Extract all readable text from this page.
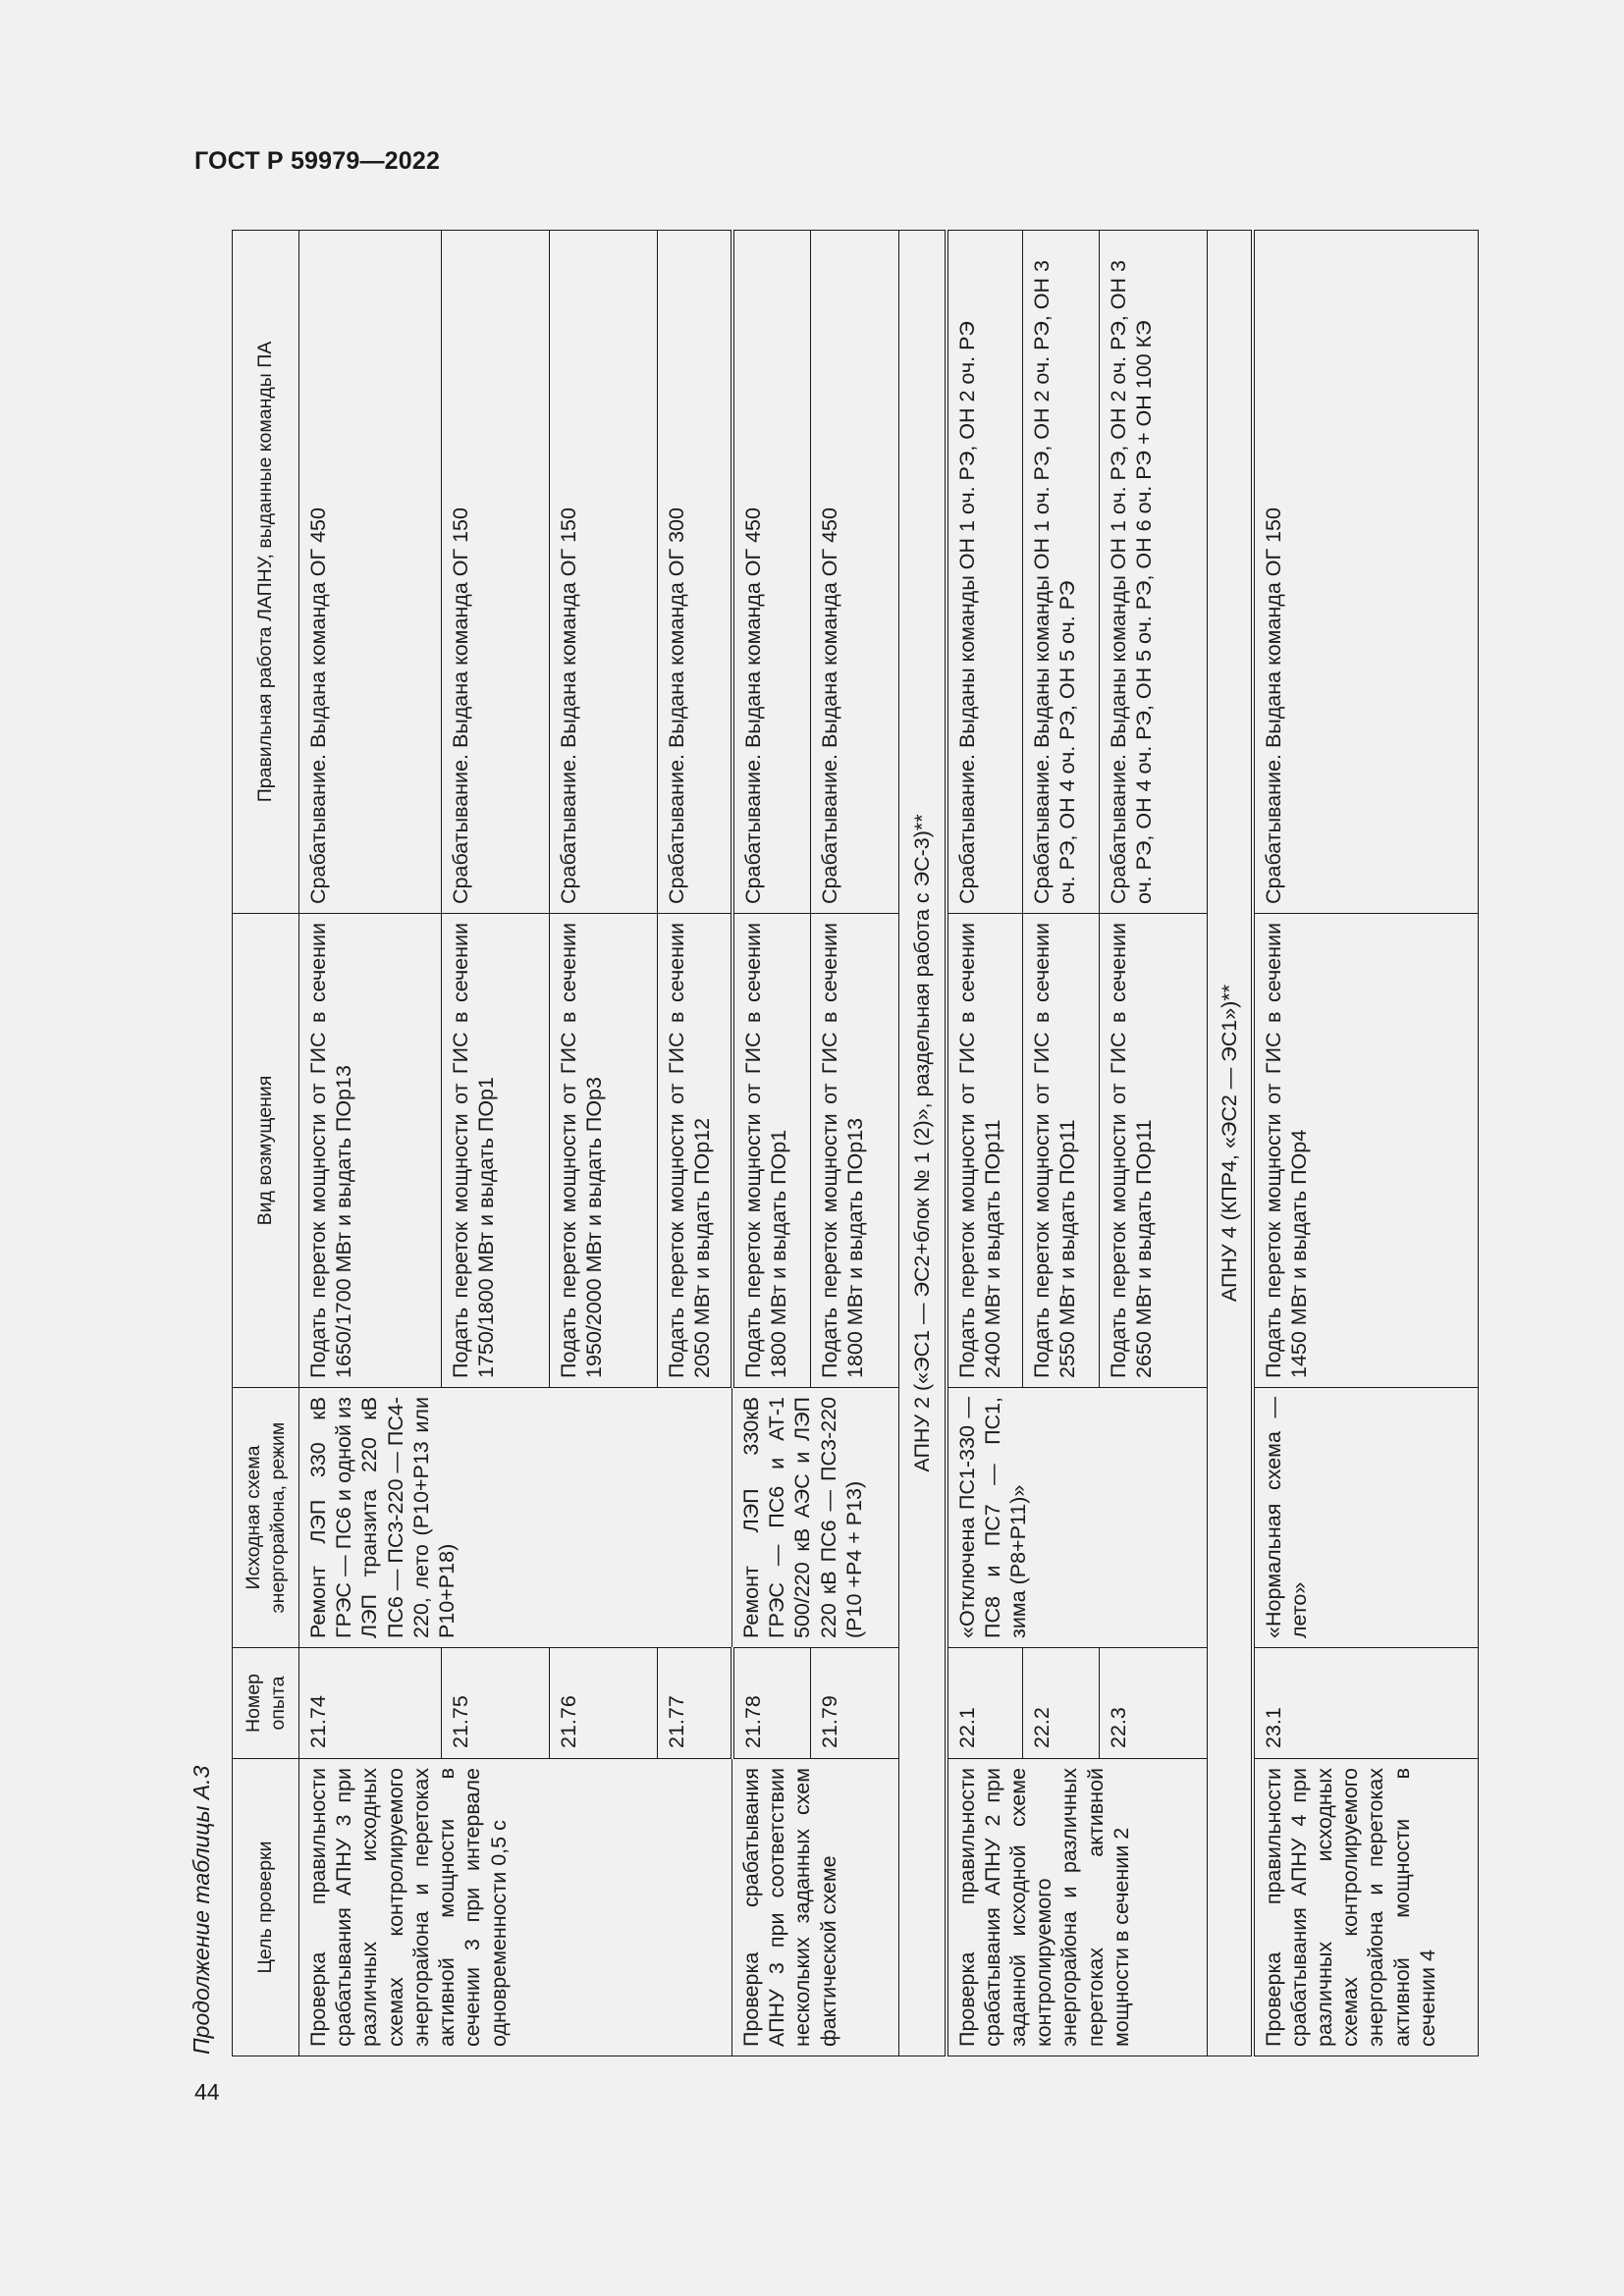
ГОСТ Р 59979—2022
Продолжение таблицы А.3
44
Цель проверки	Номер опыта	Исходная схема энергорайона, режим	Вид возмущения	Правильная работа ЛАПНУ, выданные команды ПА

Проверка правильности срабатывания АПНУ 3 при различных исходных схемах контролируемого энергорайона и перетоках активной мощности в сечении 3 при интервале одновременности 0,5 с	21.74	Ремонт ЛЭП 330 кВ ГРЭС — ПС6 и одной из ЛЭП транзита 220 кВ ПС6 — ПС3-220 — ПС4-220, лето (Р10+Р13 или Р10+Р18)	Подать переток мощности от ГИС в сечении 1650/1700 МВт и выдать ПОр13	Срабатывание. Выдана команда ОГ 450
	21.75		Подать переток мощности от ГИС в сечении 1750/1800 МВт и выдать ПОр1	Срабатывание. Выдана команда ОГ 150
	21.76		Подать переток мощности от ГИС в сечении 1950/2000 МВт и выдать ПОр3	Срабатывание. Выдана команда ОГ 150
	21.77		Подать переток мощности от ГИС в сечении 2050 МВт и выдать ПОр12	Срабатывание. Выдана команда ОГ 300
Проверка срабатывания АПНУ 3 при соответствии нескольких заданных схем фактической схеме	21.78	Ремонт ЛЭП 330кВ ГРЭС — ПС6 и АТ-1 500/220 кВ АЭС и ЛЭП 220 кВ ПС6 — ПС3-220 (Р10 +Р4 + Р13)	Подать переток мощности от ГИС в сечении 1800 МВт и выдать ПОр1	Срабатывание. Выдана команда ОГ 450
	21.79		Подать переток мощности от ГИС в сечении 1800 МВт и выдать ПОр13	Срабатывание. Выдана команда ОГ 450
АПНУ 2 («ЭС1 — ЭС2+блок № 1 (2)», раздельная работа с ЭС-3)**				
Проверка правильности срабатывания АПНУ 2 при заданной исходной схеме контролируемого энергорайона и различных перетоках активной мощности в сечении 2	22.1	«Отключена ПС1-330 — ПС8 и ПС7 — ПС1, зима (Р8+Р11)»	Подать переток мощности от ГИС в сечении 2400 МВт и выдать ПОр11	Срабатывание. Выданы команды ОН 1 оч. РЭ, ОН 2 оч. РЭ
	22.2		Подать переток мощности от ГИС в сечении 2550 МВт и выдать ПОр11	Срабатывание. Выданы команды ОН 1 оч. РЭ, ОН 2 оч. РЭ, ОН 3 оч. РЭ, ОН 4 оч. РЭ, ОН 5 оч. РЭ
	22.3		Подать переток мощности от ГИС в сечении 2650 МВт и выдать ПОр11	Срабатывание. Выданы команды ОН 1 оч. РЭ, ОН 2 оч. РЭ, ОН 3 оч. РЭ, ОН 4 оч. РЭ, ОН 5 оч. РЭ, ОН 6 оч. РЭ + ОН 100 КЭ
АПНУ 4 (КПР4, «ЭС2 — ЭС1»)**				
Проверка правильности срабатывания АПНУ 4 при различных исходных схемах контролируемого энергорайона и перетоках активной мощности в сечении 4	23.1	«Нормальная схема — лето»	Подать переток мощности от ГИС в сечении 1450 МВт и выдать ПОр4	Срабатывание. Выдана команда ОГ 150
